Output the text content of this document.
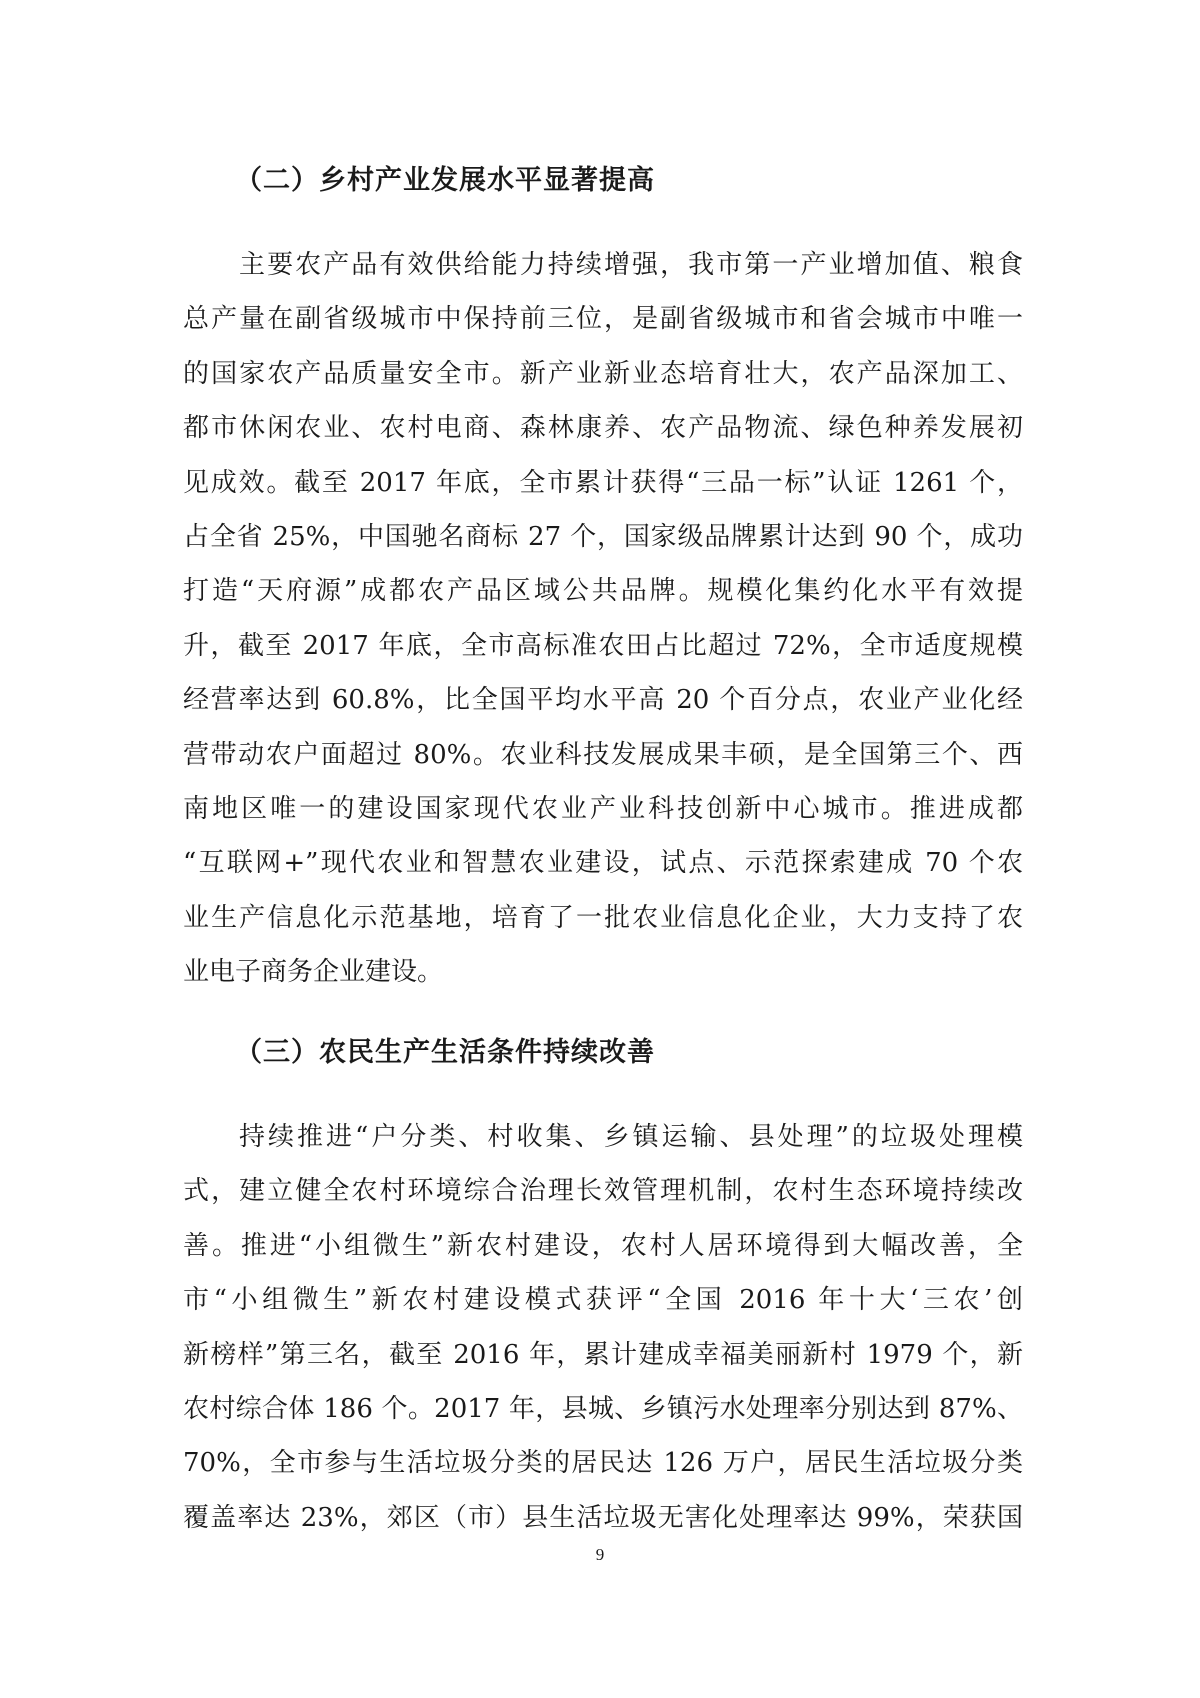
（二）乡村产业发展水平显著提高
主要农产品有效供给能力持续增强，我市第一产业增加值、粮食
总产量在副省级城市中保持前三位，是副省级城市和省会城市中唯一
的国家农产品质量安全市。新产业新业态培育壮大，农产品深加工、
都市休闲农业、农村电商、森林康养、农产品物流、绿色种养发展初
见成效。截至 2017 年底，全市累计获得“三品一标”认证 1261 个，
占全省 25%，中国驰名商标 27 个，国家级品牌累计达到 90 个，成功
打造“天府源”成都农产品区域公共品牌。规模化集约化水平有效提
升，截至 2017 年底，全市高标准农田占比超过 72%，全市适度规模
经营率达到 60.8%，比全国平均水平高 20 个百分点，农业产业化经
营带动农户面超过 80%。农业科技发展成果丰硕，是全国第三个、西
南地区唯一的建设国家现代农业产业科技创新中心城市。推进成都
“互联网+”现代农业和智慧农业建设，试点、示范探索建成 70 个农
业生产信息化示范基地，培育了一批农业信息化企业，大力支持了农
业电子商务企业建设。
（三）农民生产生活条件持续改善
持续推进“户分类、村收集、乡镇运输、县处理”的垃圾处理模
式，建立健全农村环境综合治理长效管理机制，农村生态环境持续改
善。推进“小组微生”新农村建设，农村人居环境得到大幅改善，全
市“小组微生”新农村建设模式获评“全国 2016 年十大‘三农’创
新榜样”第三名，截至 2016 年，累计建成幸福美丽新村 1979 个，新
农村综合体 186 个。2017 年，县城、乡镇污水处理率分别达到 87%、
70%，全市参与生活垃圾分类的居民达 126 万户，居民生活垃圾分类
覆盖率达 23%，郊区（市）县生活垃圾无害化处理率达 99%，荣获国
9
